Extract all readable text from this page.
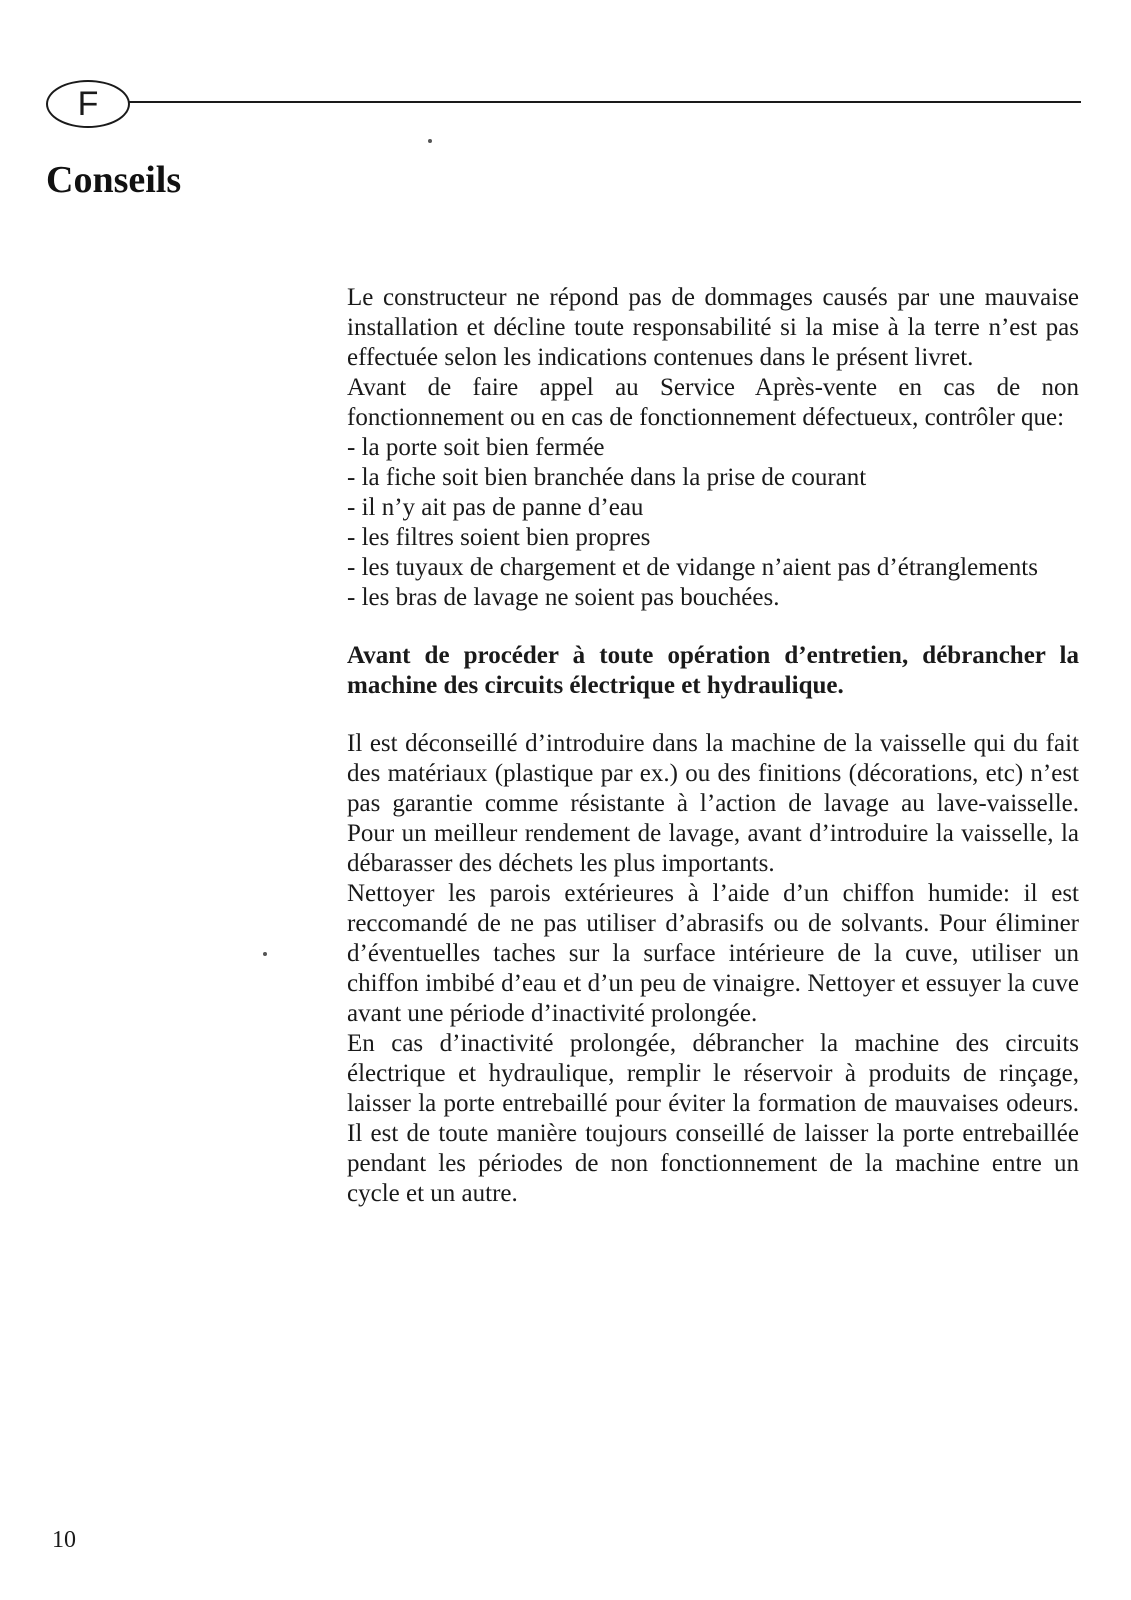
F
Conseils

Le constructeur ne répond pas de dommages causés par une mauvaise installation et décline toute responsabilité si la mise à la terre n’est pas effectuée selon les indications contenues dans le présent livret.

Avant de faire appel au Service Après-vente en cas de non fonctionnement ou en cas de fonctionnement défectueux, contrôler que:

- la porte soit bien fermée

- la fiche soit bien branchée dans la prise de courant

- il n’y ait pas de panne d’eau

- les filtres soient bien propres

- les tuyaux de chargement et de vidange n’aient pas d’étranglements

- les bras de lavage ne soient pas bouchées.

Avant de procéder à toute opération d’entretien, débrancher la machine des circuits électrique et hydraulique.

Il est déconseillé d’introduire dans la machine de la vaisselle qui du fait des matériaux (plastique par ex.) ou des finitions (décorations, etc) n’est pas garantie comme résistante à l’action de lavage au lave-vaisselle. Pour un meilleur rendement de lavage, avant d’introduire la vaisselle, la débarasser des déchets les plus importants.

Nettoyer les parois extérieures à l’aide d’un chiffon humide: il est reccomandé de ne pas utiliser d’abrasifs ou de solvants. Pour éliminer d’éventuelles taches sur la surface intérieure de la cuve, utiliser un chiffon imbibé d’eau et d’un peu de vinaigre. Nettoyer et essuyer la cuve avant une période d’inactivité prolongée.

En cas d’inactivité prolongée, débrancher la machine des circuits électrique et hydraulique, remplir le réservoir à produits de rinçage, laisser la porte entrebaillé pour éviter la formation de mauvaises odeurs. Il est de toute manière toujours conseillé de laisser la porte entrebaillée pendant les périodes de non fonctionnement de la machine entre un cycle et un autre.

10
